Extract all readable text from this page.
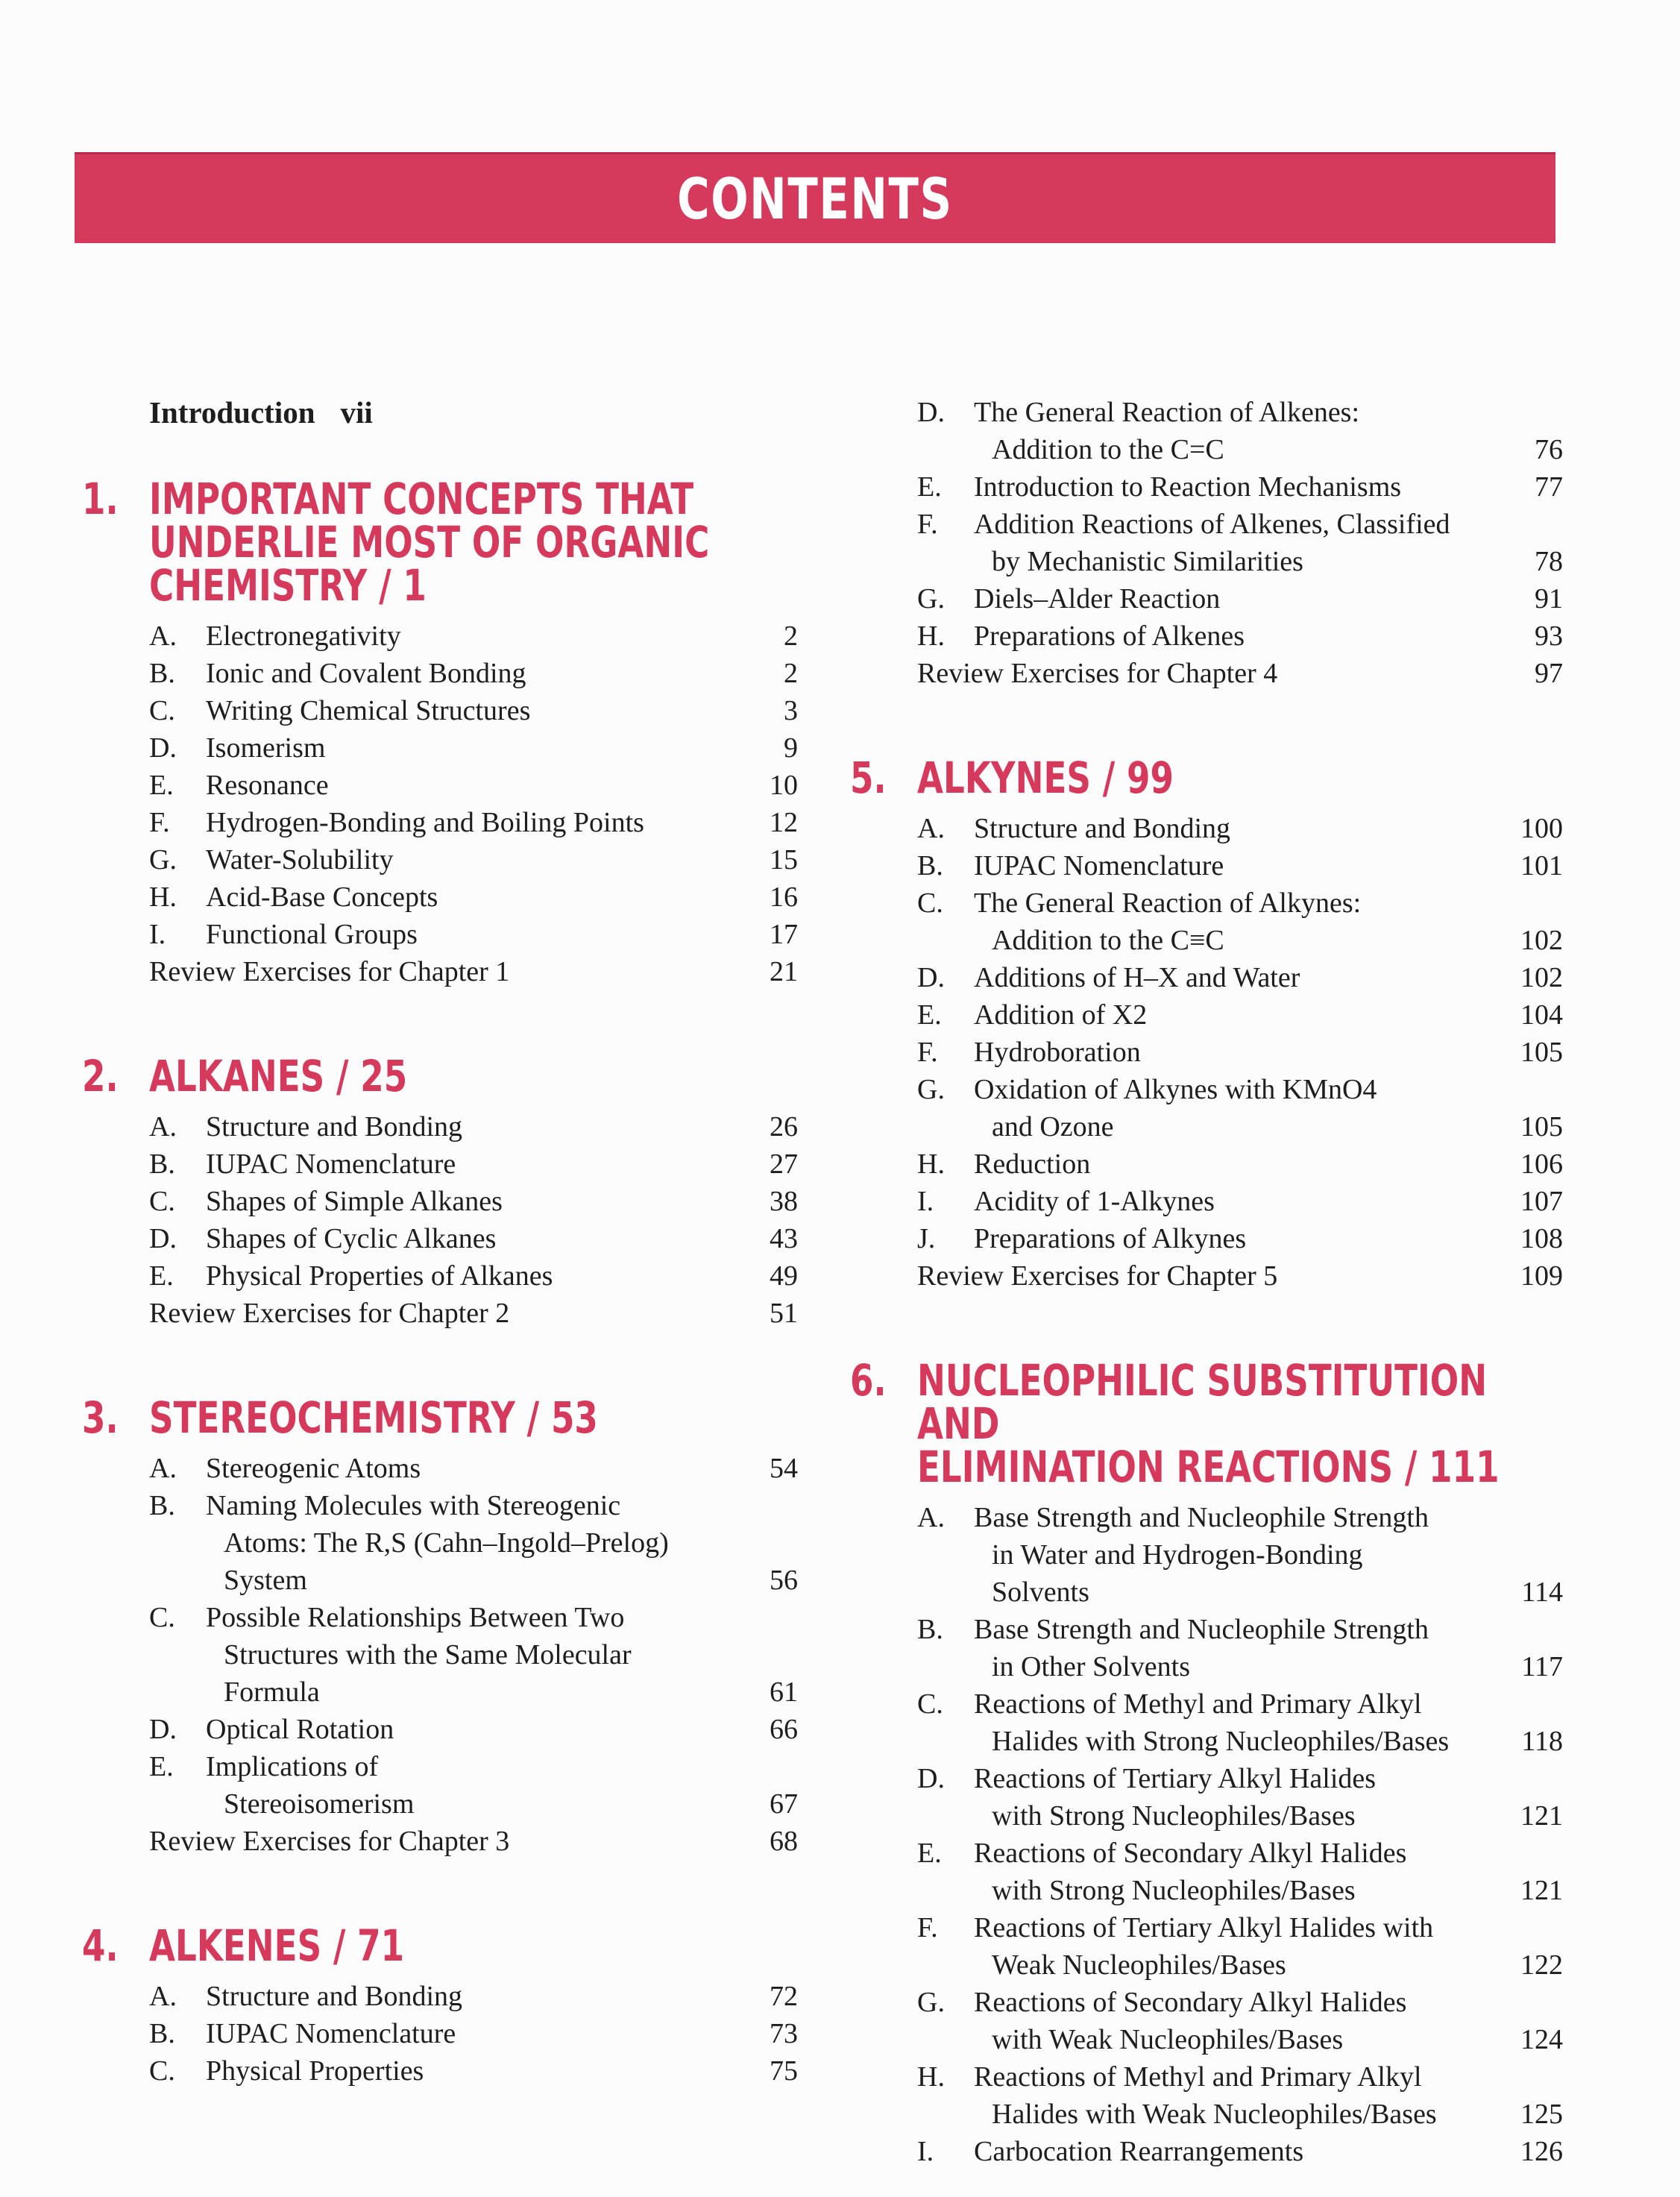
CONTENTS
Introduction vii
1. IMPORTANT CONCEPTS THAT
UNDERLIE MOST OF ORGANIC
CHEMISTRY / 1
A. Electronegativity	2
B. Ionic and Covalent Bonding	2
C. Writing Chemical Structures	3
D. Isomerism	9
E. Resonance	10
F. Hydrogen-Bonding and Boiling Points	12
G. Water-Solubility	15
H. Acid-Base Concepts	16
I. Functional Groups	17
Review Exercises for Chapter 1	21
2. ALKANES / 25
A. Structure and Bonding	26
B. IUPAC Nomenclature	27
C. Shapes of Simple Alkanes	38
D. Shapes of Cyclic Alkanes	43
E. Physical Properties of Alkanes	49
Review Exercises for Chapter 2	51
3. STEREOCHEMISTRY / 53
A. Stereogenic Atoms	54
B. Naming Molecules with Stereogenic
Atoms: The R,S (Cahn–Ingold–Prelog)
System	56
C. Possible Relationships Between Two
Structures with the Same Molecular
Formula	61
D. Optical Rotation	66
E. Implications of
Stereoisomerism	67
Review Exercises for Chapter 3	68
4. ALKENES / 71
A. Structure and Bonding	72
B. IUPAC Nomenclature	73
C. Physical Properties	75
D. The General Reaction of Alkenes:
Addition to the C=C	76
E. Introduction to Reaction Mechanisms	77
F. Addition Reactions of Alkenes, Classified
by Mechanistic Similarities	78
G. Diels–Alder Reaction	91
H. Preparations of Alkenes	93
Review Exercises for Chapter 4	97
5. ALKYNES / 99
A. Structure and Bonding	100
B. IUPAC Nomenclature	101
C. The General Reaction of Alkynes:
Addition to the C≡C	102
D. Additions of H–X and Water	102
E. Addition of X2	104
F. Hydroboration	105
G. Oxidation of Alkynes with KMnO4
and Ozone	105
H. Reduction	106
I. Acidity of 1-Alkynes	107
J. Preparations of Alkynes	108
Review Exercises for Chapter 5	109
6. NUCLEOPHILIC SUBSTITUTION AND
ELIMINATION REACTIONS / 111
A. Base Strength and Nucleophile Strength
in Water and Hydrogen-Bonding
Solvents	114
B. Base Strength and Nucleophile Strength
in Other Solvents	117
C. Reactions of Methyl and Primary Alkyl
Halides with Strong Nucleophiles/Bases	118
D. Reactions of Tertiary Alkyl Halides
with Strong Nucleophiles/Bases	121
E. Reactions of Secondary Alkyl Halides
with Strong Nucleophiles/Bases	121
F. Reactions of Tertiary Alkyl Halides with
Weak Nucleophiles/Bases	122
G. Reactions of Secondary Alkyl Halides
with Weak Nucleophiles/Bases	124
H. Reactions of Methyl and Primary Alkyl
Halides with Weak Nucleophiles/Bases	125
I. Carbocation Rearrangements	126
